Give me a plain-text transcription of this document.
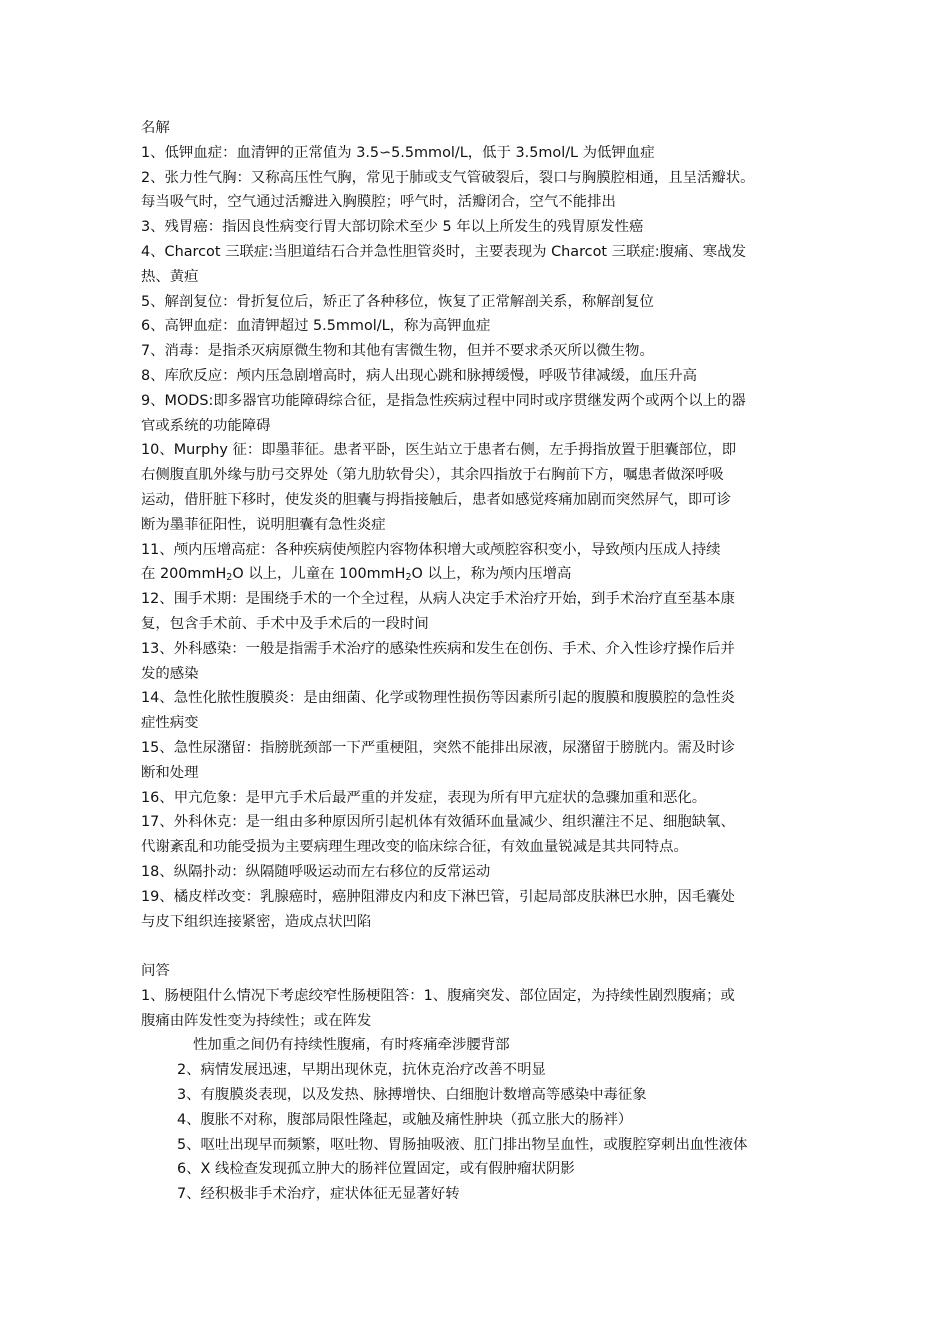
名解
1、低钾血症：血清钾的正常值为 3.5∽5.5mmol/L，低于 3.5mol/L 为低钾血症
2、张力性气胸：又称高压性气胸，常见于肺或支气管破裂后，裂口与胸膜腔相通，且呈活瓣状。
每当吸气时，空气通过活瓣进入胸膜腔；呼气时，活瓣闭合，空气不能排出
3、残胃癌：指因良性病变行胃大部切除术至少 5 年以上所发生的残胃原发性癌
4、Charcot 三联症:当胆道结石合并急性胆管炎时，主要表现为 Charcot 三联症:腹痛、寒战发
热、黄疸
5、解剖复位：骨折复位后，矫正了各种移位，恢复了正常解剖关系，称解剖复位
6、高钾血症：血清钾超过 5.5mmol/L，称为高钾血症
7、消毒：是指杀灭病原微生物和其他有害微生物，但并不要求杀灭所以微生物。
8、库欣反应：颅内压急剧增高时，病人出现心跳和脉搏缓慢，呼吸节律减缓，血压升高
9、MODS:即多器官功能障碍综合征，是指急性疾病过程中同时或序贯继发两个或两个以上的器
官或系统的功能障碍
10、Murphy 征：即墨菲征。患者平卧，医生站立于患者右侧，左手拇指放置于胆囊部位，即
右侧腹直肌外缘与肋弓交界处（第九肋软骨尖），其余四指放于右胸前下方，嘱患者做深呼吸
运动，借肝脏下移时，使发炎的胆囊与拇指接触后，患者如感觉疼痛加剧而突然屏气，即可诊
断为墨菲征阳性，说明胆囊有急性炎症
11、颅内压增高症：各种疾病使颅腔内容物体积增大或颅腔容积变小，导致颅内压成人持续
在 200mmH$_2$O 以上，儿童在 100mmH$_2$O 以上，称为颅内压增高
12、围手术期：是围绕手术的一个全过程，从病人决定手术治疗开始，到手术治疗直至基本康
复，包含手术前、手术中及手术后的一段时间
13、外科感染：一般是指需手术治疗的感染性疾病和发生在创伤、手术、介入性诊疗操作后并
发的感染
14、急性化脓性腹膜炎：是由细菌、化学或物理性损伤等因素所引起的腹膜和腹膜腔的急性炎
症性病变
15、急性尿潴留：指膀胱颈部一下严重梗阻，突然不能排出尿液，尿潴留于膀胱内。需及时诊
断和处理
16、甲亢危象：是甲亢手术后最严重的并发症，表现为所有甲亢症状的急骤加重和恶化。
17、外科休克：是一组由多种原因所引起机体有效循环血量减少、组织灌注不足、细胞缺氧、
代谢紊乱和功能受损为主要病理生理改变的临床综合征，有效血量锐减是其共同特点。
18、纵隔扑动：纵隔随呼吸运动而左右移位的反常运动
19、橘皮样改变：乳腺癌时，癌肿阻滞皮内和皮下淋巴管，引起局部皮肤淋巴水肿，因毛囊处
与皮下组织连接紧密，造成点状凹陷
问答
1、肠梗阻什么情况下考虑绞窄性肠梗阻答：1、腹痛突发、部位固定，为持续性剧烈腹痛；或
腹痛由阵发性变为持续性；或在阵发
性加重之间仍有持续性腹痛，有时疼痛牵涉腰背部
2、病情发展迅速，早期出现休克，抗休克治疗改善不明显
3、有腹膜炎表现，以及发热、脉搏增快、白细胞计数增高等感染中毒征象
4、腹胀不对称，腹部局限性隆起，或触及痛性肿块（孤立胀大的肠袢）
5、呕吐出现早而频繁，呕吐物、胃肠抽吸液、肛门排出物呈血性，或腹腔穿刺出血性液体
6、X 线检查发现孤立肿大的肠袢位置固定，或有假肿瘤状阴影
7、经积极非手术治疗，症状体征无显著好转
